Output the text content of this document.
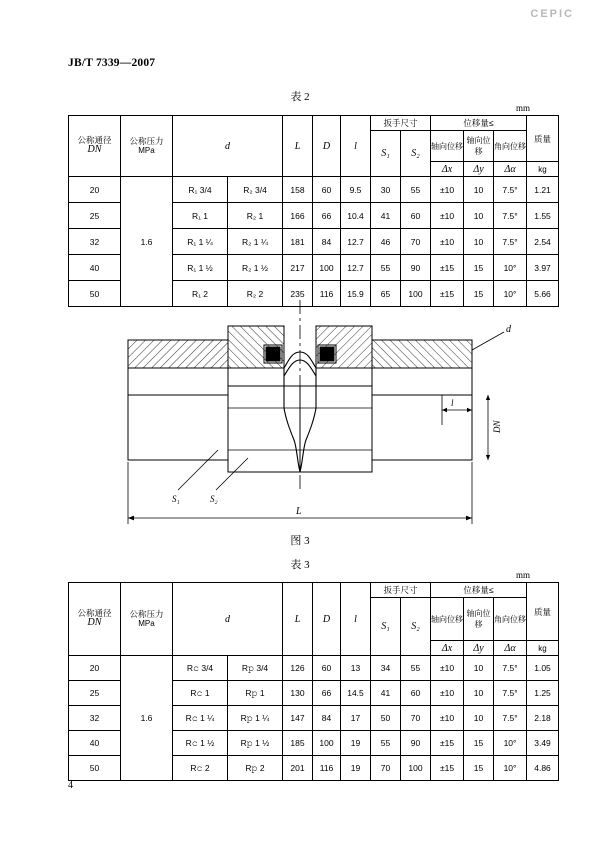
CEPIC
JB/T 7339—2007
表 2
mm
公称通径
DN	公称压力
MPa	d		L	D	l	扳手尺寸		位移量≤			质量
							S₁	S₂	轴向位移	轴向位移	角向位移	
									Δx	Δy	Δα	kg
20	1.6	R₁ 3/4	R₂ 3/4	158	60	9.5	30	55	±10	10	7.5°	1.21
25		R₁ 1	R₂ 1	166	66	10.4	41	60	±10	10	7.5°	1.55
32		R₁ 1 ¼	R₂ 1 ¼	181	84	12.7	46	70	±10	10	7.5°	2.54
40		R₁ 1 ½	R₂ 1 ½	217	100	12.7	55	90	±15	15	10°	3.97
50		R₁ 2	R₂ 2	235	116	15.9	65	100	±15	15	10°	5.66
d
l
DN
S₁	S₂
L
图 3
表 3
mm
公称通径
DN	公称压力
MPa	d		L	D	l	扳手尺寸		位移量≤			质量
							S₁	S₂	轴向位移	轴向位移	角向位移	
									Δx	Δy	Δα	kg
20	1.6	R𝚌 3/4	R𝚙 3/4	126	60	13	34	55	±10	10	7.5°	1.05
25		R𝚌 1	R𝚙 1	130	66	14.5	41	60	±10	10	7.5°	1.25
32		R𝚌 1 ¼	R𝚙 1 ¼	147	84	17	50	70	±10	10	7.5°	2.18
40		R𝚌 1 ½	R𝚙 1 ½	185	100	19	55	90	±15	15	10°	3.49
50		R𝚌 2	R𝚙 2	201	116	19	70	100	±15	15	10°	4.86
4
